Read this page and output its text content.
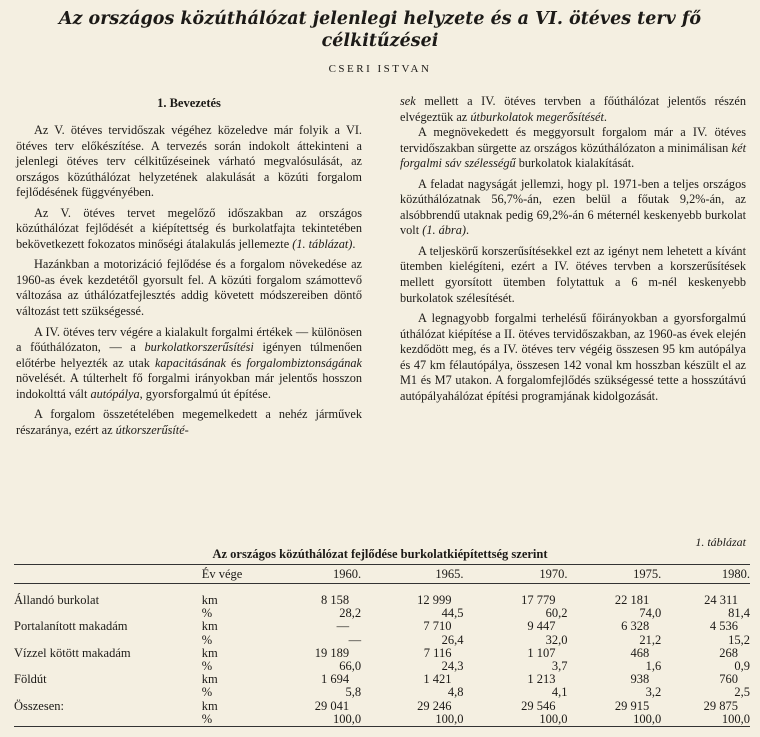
Az országos közúthálózat jelenlegi helyzete és a VI. ötéves terv fő célkitűzései
CSERI ISTVAN
1. Bevezetés

Az V. ötéves tervidőszak végéhez közeledve már folyik a VI. ötéves terv előkészítése. A tervezés során indokolt áttekinteni a jelenlegi ötéves terv célkitűzéseinek várható megvalósulását, az országos közúthálózat helyzetének alakulását a közúti forgalom fejlődésének függvényében.

Az V. ötéves tervet megelőző időszakban az országos közúthálózat fejlődését a kiépítettség és burkolatfajta tekintetében bekövetkezett fokozatos minőségi átalakulás jellemezte (1. táblázat).

Hazánkban a motorizáció fejlődése és a forgalom növekedése az 1960-as évek kezdetétől gyorsult fel. A közúti forgalom számottevő változása az úthálózatfejlesztés addig követett módszereiben döntő változást tett szükségessé.

A IV. ötéves terv végére a kialakult forgalmi értékek — különösen a főúthálózaton, — a burkolatkorszerűsítési igényen túlmenően előtérbe helyezték az utak kapacitásának és forgalombiztonságának növelését. A túlterhelt fő forgalmi irányokban már jelentős hosszon indokolttá vált autópálya, gyorsforgalmú út építése.

A forgalom összetételében megemelkedett a nehéz járművek részaránya, ezért az útkorszerűsíté-

sek mellett a IV. ötéves tervben a főúthálózat jelentős részén elvégeztük az útburkolatok megerősítését.

A megnövekedett és meggyorsult forgalom már a IV. ötéves tervidőszakban sürgette az országos közúthálózaton a minimálisan két forgalmi sáv szélességű burkolatok kialakítását.

A feladat nagyságát jellemzi, hogy pl. 1971-ben a teljes országos közúthálózatnak 56,7%-án, ezen belül a főutak 9,2%-án, az alsóbbrendű utaknak pedig 69,2%-án 6 méternél keskenyebb burkolat volt (1. ábra).

A teljeskörű korszerűsítésekkel ezt az igényt nem lehetett a kívánt ütemben kielégíteni, ezért a IV. ötéves tervben a korszerűsítések mellett gyorsított ütemben folytattuk a 6 m-nél keskenyebb burkolatok szélesítését.

A legnagyobb forgalmi terhelésű főirányokban a gyorsforgalmú úthálózat kiépítése a II. ötéves tervidőszakban, az 1960-as évek elején kezdődött meg, és a IV. ötéves terv végéig összesen 95 km autópálya és 47 km félautópálya, összesen 142 vonal km hosszban készült el az M1 és M7 utakon. A forgalomfejlődés szükségessé tette a hosszútávú autópályahálózat építési programjának kidolgozását.

1. táblázat
Az országos közúthálózat fejlődése burkolatkiépítettség szerint
	Év vége	1960.	1965.	1970.	1975.	1980.
Állandó burkolat	km	8 158	12 999	17 779	22 181	24 311
	%	28,2	44,5	60,2	74,0	81,4
Portalanított makadám	km	—	7 710	9 447	6 328	4 536
	%	—	26,4	32,0	21,2	15,2
Vízzel kötött makadám	km	19 189	7 116	1 107	468	268
	%	66,0	24,3	3,7	1,6	0,9
Földút	km	1 694	1 421	1 213	938	760
	%	5,8	4,8	4,1	3,2	2,5
Összesen:	km	29 041	29 246	29 546	29 915	29 875
	%	100,0	100,0	100,0	100,0	100,0
